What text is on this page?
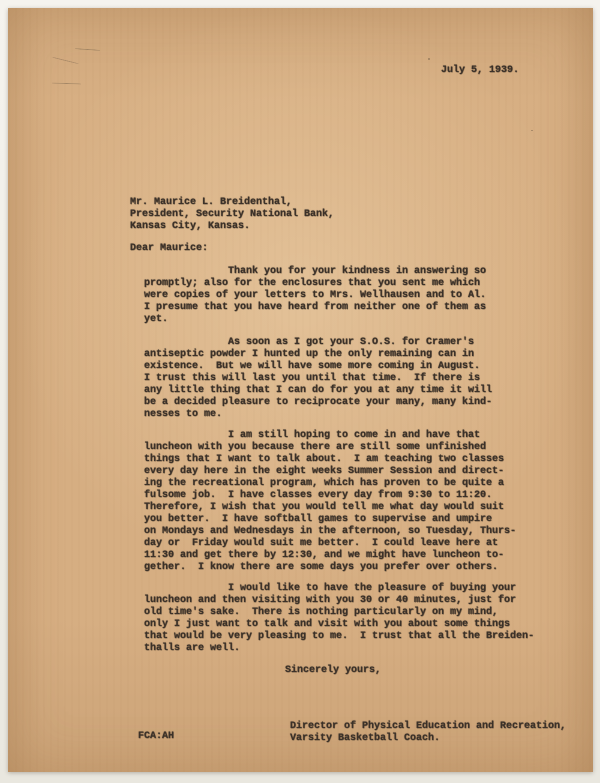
July 5, 1939.
Mr. Maurice L. Breidenthal,
President, Security National Bank,
Kansas City, Kansas.
Dear Maurice:
Thank you for your kindness in answering so
promptly; also for the enclosures that you sent me which
were copies of your letters to Mrs. Wellhausen and to Al.
I presume that you have heard from neither one of them as
yet.
As soon as I got your S.O.S. for Cramer's
antiseptic powder I hunted up the only remaining can in
existence.  But we will have some more coming in August.
I trust this will last you until that time.  If there is
any little thing that I can do for you at any time it will
be a decided pleasure to reciprocate your many, many kind-
nesses to me.
I am still hoping to come in and have that
luncheon with you because there are still some unfinished
things that I want to talk about.  I am teaching two classes
every day here in the eight weeks Summer Session and direct-
ing the recreational program, which has proven to be quite a
fulsome job.  I have classes every day from 9:30 to 11:20.
Therefore, I wish that you would tell me what day would suit
you better.  I have softball games to supervise and umpire
on Mondays and Wednesdays in the afternoon, so Tuesday, Thurs-
day or  Friday would suit me better.  I could leave here at
11:30 and get there by 12:30, and we might have luncheon to-
gether.  I know there are some days you prefer over others.
I would like to have the pleasure of buying your
luncheon and then visiting with you 30 or 40 minutes, just for
old time's sake.  There is nothing particularly on my mind,
only I just want to talk and visit with you about some things
that would be very pleasing to me.  I trust that all the Breiden-
thalls are well.
Sincerely yours,
Director of Physical Education and Recreation,
Varsity Basketball Coach.
FCA:AH
